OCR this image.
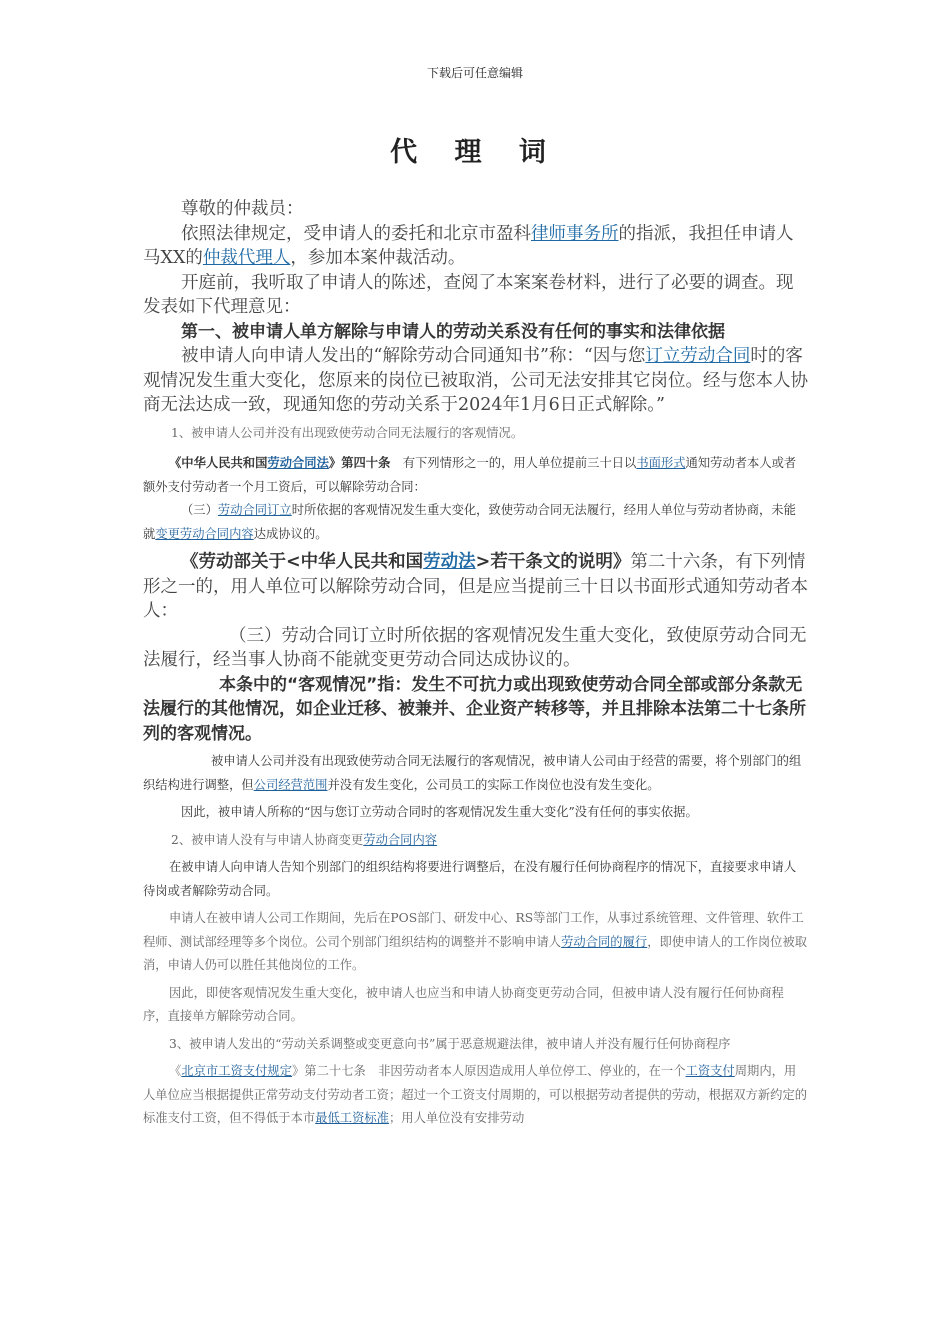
下载后可任意编辑
代 理 词

尊敬的仲裁员：

依照法律规定，受申请人的委托和北京市盈科律师事务所的指派，我担任申请人马XX的仲裁代理人，参加本案仲裁活动。

开庭前，我听取了申请人的陈述，查阅了本案案卷材料，进行了必要的调查。现发表如下代理意见：

第一、被申请人单方解除与申请人的劳动关系没有任何的事实和法律依据

被申请人向申请人发出的“解除劳动合同通知书”称：“因与您订立劳动合同时的客观情况发生重大变化，您原来的岗位已被取消，公司无法安排其它岗位。经与您本人协商无法达成一致，现通知您的劳动关系于2024年1月6日正式解除。”

1、被申请人公司并没有出现致使劳动合同无法履行的客观情况。

《中华人民共和国劳动合同法》第四十条　有下列情形之一的，用人单位提前三十日以书面形式通知劳动者本人或者额外支付劳动者一个月工资后，可以解除劳动合同：

（三）劳动合同订立时所依据的客观情况发生重大变化，致使劳动合同无法履行，经用人单位与劳动者协商，未能就变更劳动合同内容达成协议的。

《劳动部关于<中华人民共和国劳动法>若干条文的说明》第二十六条，有下列情形之一的，用人单位可以解除劳动合同，但是应当提前三十日以书面形式通知劳动者本人：

（三）劳动合同订立时所依据的客观情况发生重大变化，致使原劳动合同无法履行，经当事人协商不能就变更劳动合同达成协议的。

本条中的“客观情况”指：发生不可抗力或出现致使劳动合同全部或部分条款无法履行的其他情况，如企业迁移、被兼并、企业资产转移等，并且排除本法第二十七条所列的客观情况。

被申请人公司并没有出现致使劳动合同无法履行的客观情况，被申请人公司由于经营的需要，将个别部门的组织结构进行调整，但公司经营范围并没有发生变化，公司员工的实际工作岗位也没有发生变化。

因此，被申请人所称的“因与您订立劳动合同时的客观情况发生重大变化”没有任何的事实依据。

2、被申请人没有与申请人协商变更劳动合同内容

在被申请人向申请人告知个别部门的组织结构将要进行调整后，在没有履行任何协商程序的情况下，直接要求申请人待岗或者解除劳动合同。

申请人在被申请人公司工作期间，先后在POS部门、研发中心、RS等部门工作，从事过系统管理、文件管理、软件工程师、测试部经理等多个岗位。公司个别部门组织结构的调整并不影响申请人劳动合同的履行，即使申请人的工作岗位被取消，申请人仍可以胜任其他岗位的工作。

因此，即使客观情况发生重大变化，被申请人也应当和申请人协商变更劳动合同，但被申请人没有履行任何协商程序，直接单方解除劳动合同。

3、被申请人发出的“劳动关系调整或变更意向书”属于恶意规避法律，被申请人并没有履行任何协商程序

《北京市工资支付规定》第二十七条　非因劳动者本人原因造成用人单位停工、停业的，在一个工资支付周期内，用人单位应当根据提供正常劳动支付劳动者工资；超过一个工资支付周期的，可以根据劳动者提供的劳动，根据双方新约定的标准支付工资，但不得低于本市最低工资标准；用人单位没有安排劳动
